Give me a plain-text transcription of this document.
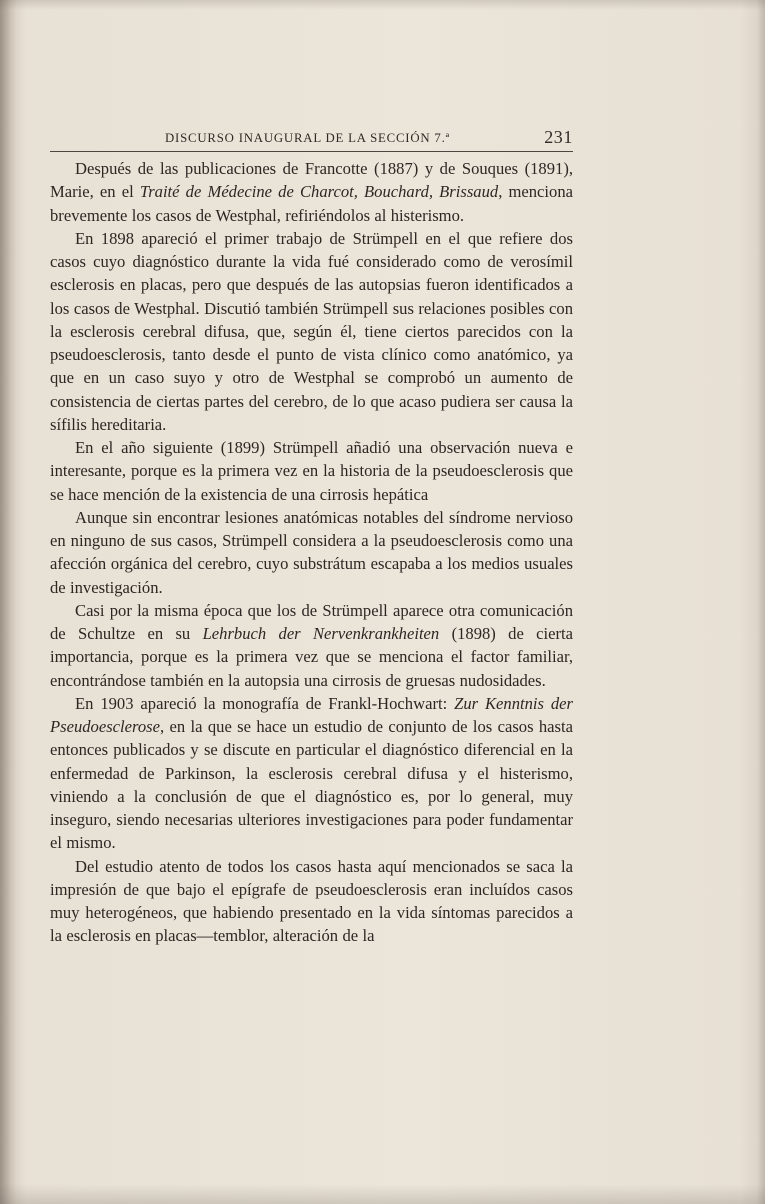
DISCURSO INAUGURAL DE LA SECCIÓN 7.ª	231

Después de las publicaciones de Francotte (1887) y de Souques (1891), Marie, en el Traité de Médecine de Charcot, Bouchard, Brissaud, menciona brevemente los casos de Westphal, refiriéndolos al histerismo.

En 1898 apareció el primer trabajo de Strümpell en el que refiere dos casos cuyo diagnóstico durante la vida fué considerado como de verosímil esclerosis en placas, pero que después de las autopsias fueron identificados a los casos de Westphal. Discutió también Strümpell sus relaciones posibles con la esclerosis cerebral difusa, que, según él, tiene ciertos parecidos con la pseudoesclerosis, tanto desde el punto de vista clínico como anatómico, ya que en un caso suyo y otro de Westphal se comprobó un aumento de consistencia de ciertas partes del cerebro, de lo que acaso pudiera ser causa la sífilis hereditaria.

En el año siguiente (1899) Strümpell añadió una observación nueva e interesante, porque es la primera vez en la historia de la pseudoesclerosis que se hace mención de la existencia de una cirrosis hepática

Aunque sin encontrar lesiones anatómicas notables del síndrome nervioso en ninguno de sus casos, Strümpell considera a la pseudoesclerosis como una afección orgánica del cerebro, cuyo substrátum escapaba a los medios usuales de investigación.

Casi por la misma época que los de Strümpell aparece otra comunicación de Schultze en su Lehrbuch der Nervenkrankheiten (1898) de cierta importancia, porque es la primera vez que se menciona el factor familiar, encontrándose también en la autopsia una cirrosis de gruesas nudosidades.

En 1903 apareció la monografía de Frankl-Hochwart: Zur Kenntnis der Pseudoesclerose, en la que se hace un estudio de conjunto de los casos hasta entonces publicados y se discute en particular el diagnóstico diferencial en la enfermedad de Parkinson, la esclerosis cerebral difusa y el histerismo, viniendo a la conclusión de que el diagnóstico es, por lo general, muy inseguro, siendo necesarias ulteriores investigaciones para poder fundamentar el mismo.

Del estudio atento de todos los casos hasta aquí mencionados se saca la impresión de que bajo el epígrafe de pseudoesclerosis eran incluídos casos muy heterogéneos, que habiendo presentado en la vida síntomas parecidos a la esclerosis en placas—temblor, alteración de la
